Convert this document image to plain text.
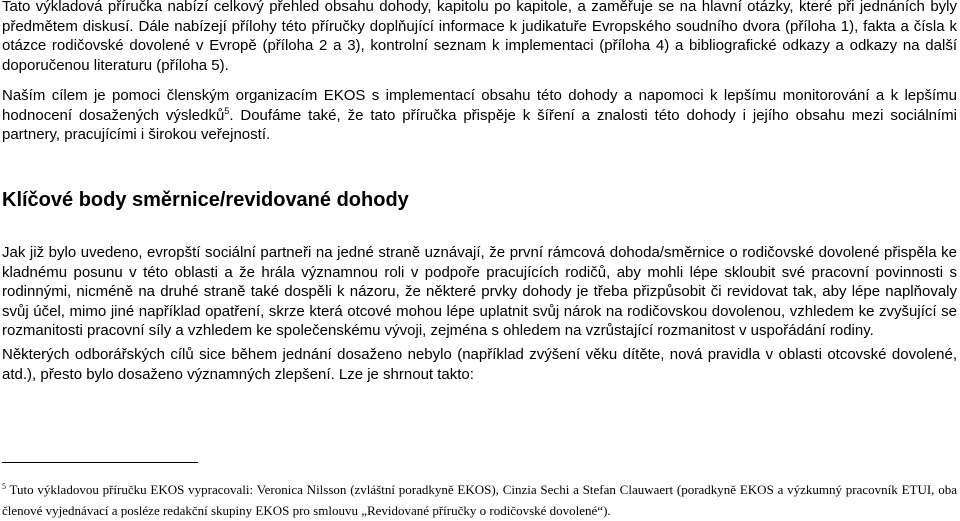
Tato výkladová příručka nabízí celkový přehled obsahu dohody, kapitolu po kapitole, a zaměřuje se na hlavní otázky, které při jednáních byly předmětem diskusí. Dále nabízejí přílohy této příručky doplňující informace k judikatuře Evropského soudního dvora (příloha 1), fakta a čísla k otázce rodičovské dovolené v Evropě (příloha 2 a 3), kontrolní seznam k implementaci (příloha 4) a bibliografické odkazy a odkazy na další doporučenou literaturu (příloha 5).

Naším cílem je pomoci členským organizacím EKOS s implementací obsahu této dohody a napomoci k lepšímu monitorování a k lepšímu hodnocení dosažených výsledků$^5$. Doufáme také, že tato příručka přispěje k šíření a znalosti této dohody i jejího obsahu mezi sociálními partnery, pracujícími i širokou veřejností.

Klíčové body směrnice/revidované dohody

Jak již bylo uvedeno, evropští sociální partneři na jedné straně uznávají, že první rámcová dohoda/směrnice o rodičovské dovolené přispěla ke kladnému posunu v této oblasti a že hrála významnou roli v podpoře pracujících rodičů, aby mohli lépe skloubit své pracovní povinnosti s rodinnými, nicméně na druhé straně také dospěli k názoru, že některé prvky dohody je třeba přizpůsobit či revidovat tak, aby lépe naplňovaly svůj účel, mimo jiné například opatření, skrze která otcové mohou lépe uplatnit svůj nárok na rodičovskou dovolenou, vzhledem ke zvyšující se rozmanitosti pracovní síly a vzhledem ke společenskému vývoji, zejména s ohledem na vzrůstající rozmanitost v uspořádání rodiny.

Některých odborářských cílů sice během jednání dosaženo nebylo (například zvýšení věku dítěte, nová pravidla v oblasti otcovské dovolené, atd.), přesto bylo dosaženo významných zlepšení. Lze je shrnout takto:

$^5$ Tuto výkladovou příručku EKOS vypracovali: Veronica Nilsson (zvláštní poradkyně EKOS), Cinzia Sechi a Stefan Clauwaert (poradkyně EKOS a výzkumný pracovník ETUI, oba členové vyjednávací a posléze redakční skupiny EKOS pro smlouvu „Revidované příručky o rodičovské dovolené“).
